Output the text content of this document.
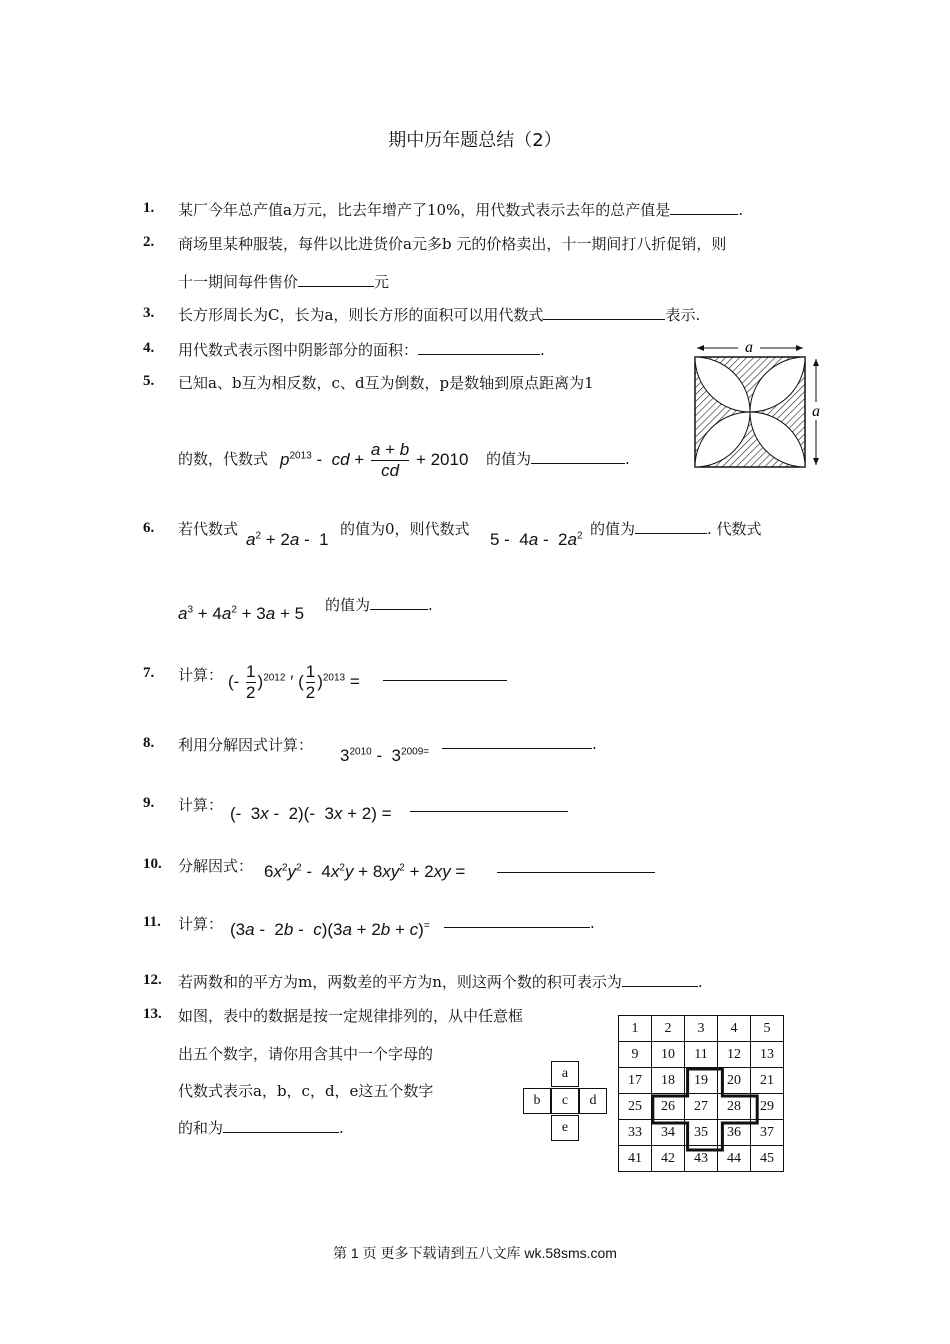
期中历年题总结（2）
1. 某厂今年总产值a万元，比去年增产了10%，用代数式表示去年的总产值是	.
2. 商场里某种服装，每件以比进货价a元多b 元的价格卖出，十一期间打八折促销，则
十一期间每件售价	元
3. 长方形周长为C，长为a，则长方形的面积可以用代数式	表示.
4. 用代数式表示图中阴影部分的面积：	.	a
a
5. 已知a、b互为相反数，c、d互为倒数，p是数轴到原点距离为1
的数，代数式 $p^{2013}$ -  cd + $\frac{a + b}{cd} + 2010$ 的值为	.
6. 若代数式
$a^2 + 2a - 1$
的值为0，则代数式
$5 - 4a - 2a^2$ 的值为	. 代数式
$a^3 + 4a^2 + 3a + 5$ 的值为	.
7. 计算： (- $\frac{1}{2} )^{2012}$ ′ ( $\frac{1}{2} )^{2013}$ =
8. 利用分解因式计算：
$3^{2010} - 3^{2009=}$	.
9. 计算： (-  3x -  2)(-  3x + 2) =
10. 分解因式： $6x^2y^2 - 4x^2y + 8xy^2 + 2xy$ =
11. 计算： (3a -  2b -  c)(3a + 2b + c)=	.
12. 若两数和的平方为m，两数差的平方为n，则这两个数的积可表示为	.
13. 如图，表中的数据是按一定规律排列的，从中任意框
出五个数字，请你用含其中一个字母的
代数式表示a，b，c，d，e这五个数字
的和为	.
a
b	c	d
e
1	2	3	4	5
9	10	11	12	13
17	18	19	20	21
25	26	27	28	29
33	34	35	36	37
41	42	43	44	45
第 1 页 更多下载请到五八文库 wk.58sms.com
